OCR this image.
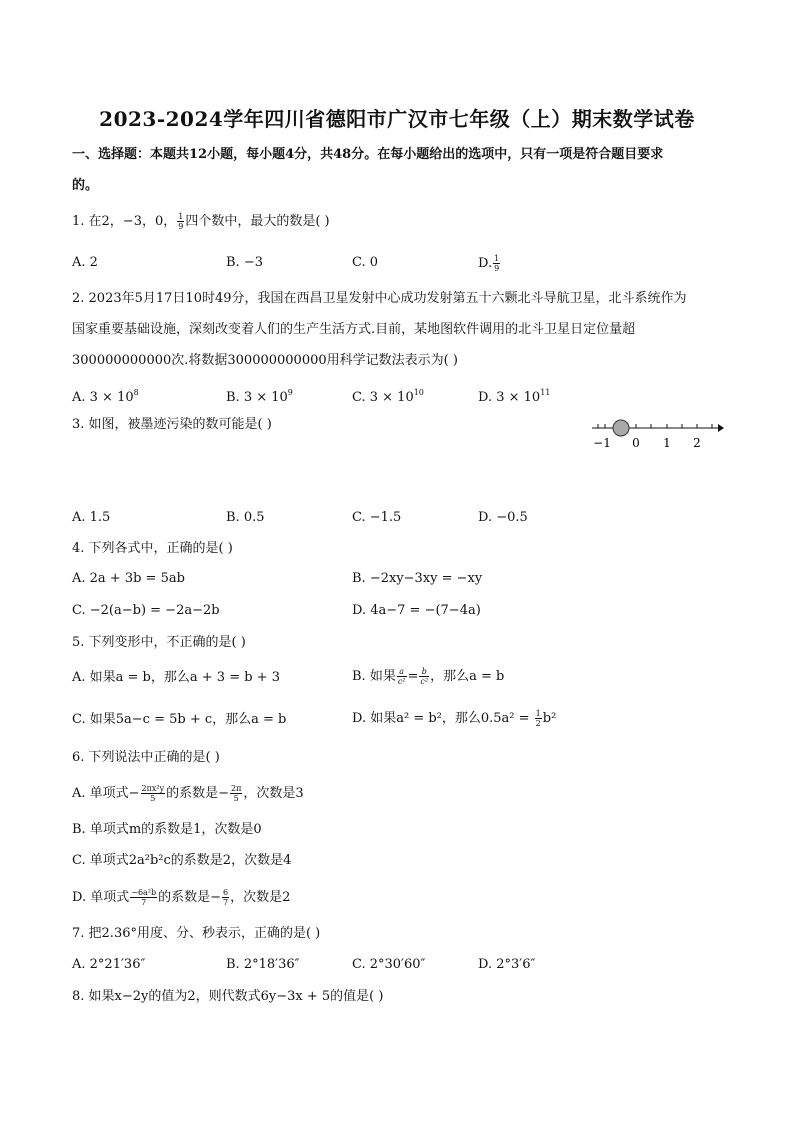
2023-2024学年四川省德阳市广汉市七年级（上）期末数学试卷
一、选择题：本题共12小题，每小题4分，共48分。在每小题给出的选项中，只有一项是符合题目要求
的。
1. 在2，−3，0， $\frac{1}{9}$ 四个数中，最大的数是( )
A. 2	B. −3	C. 0	D. $\frac{1}{9}$
2. 2023年5月17日10时49分，我国在西昌卫星发射中心成功发射第五十六颗北斗导航卫星，北斗系统作为
国家重要基础设施，深刻改变着人们的生产生活方式.目前，某地图软件调用的北斗卫星日定位量超
300000000000次.将数据300000000000用科学记数法表示为( )
A. $3 \times 10^8$	B. $3 \times 10^9$	C. $3 \times 10^{10}$	D. $3 \times 10^{11}$
3. 如图，被墨迹污染的数可能是( )
−1 0 1 2
A. 1.5	B. 0.5	C. −1.5	D. −0.5
4. 下列各式中，正确的是( )
A. 2a + 3b = 5ab	B. −2xy−3xy = −xy
C. −2(a−b) = −2a−2b	D. 4a−7 = −(7−4a)
5. 下列变形中，不正确的是( )
A. 如果a = b，那么a + 3 = b + 3	B. 如果 $\frac{a}{\text{c²}} = \frac{b}{\text{c²}}$ ，那么a = b
C. 如果5a−c = 5b + c，那么a = b	D. 如果a² = b²，那么$0.5a^2 = \frac{1}{2} b^2$
6. 下列说法中正确的是( )
A. 单项式− $\frac{\text{2πx²y}}{5}$ 的系数是− $\frac{2\pi}{5}$ ，次数是3
B. 单项式m的系数是1，次数是0
C. 单项式2a²b²c的系数是2，次数是4
D. 单项式 $\frac{\text{−6a²b}}{7}$ 的系数是− $\frac{6}{7}$ ，次数是2
7. 把2.36°用度、分、秒表示，正确的是( )
A. 2°21′36″	B. 2°18′36″	C. 2°30′60″	D. 2°3′6″
8. 如果x−2y的值为2，则代数式6y−3x + 5的值是( )
